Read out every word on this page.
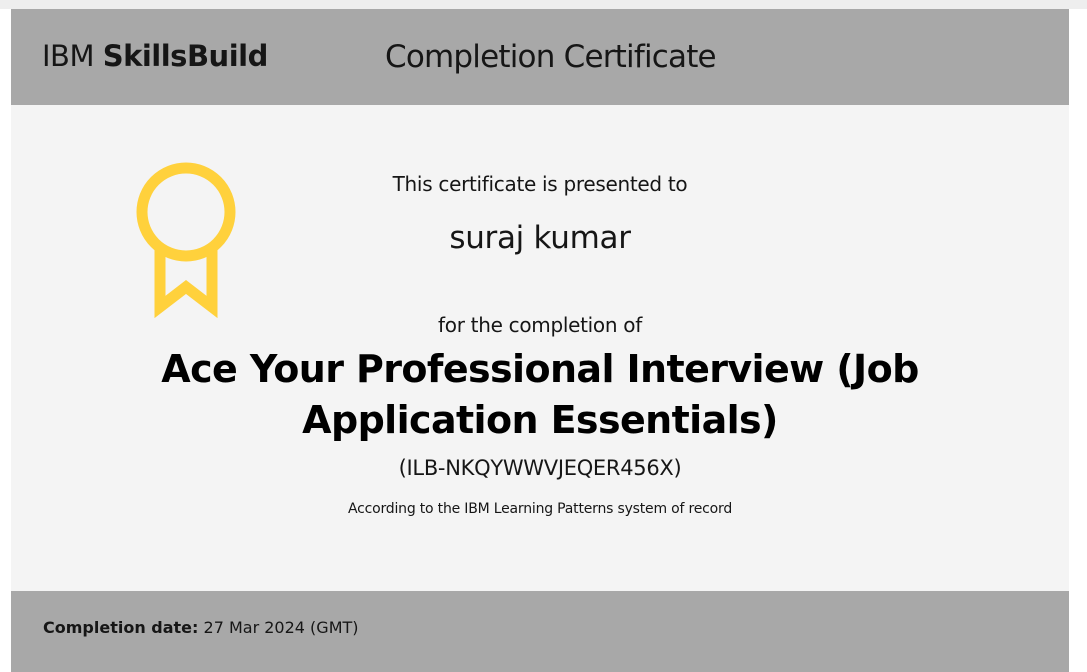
IBM SkillsBuild	Completion Certificate
This certificate is presented to
suraj kumar
for the completion of
Ace Your Professional Interview (Job Application Essentials)
(ILB-NKQYWWVJEQER456X)
According to the IBM Learning Patterns system of record
Completion date: 27 Mar 2024 (GMT)
